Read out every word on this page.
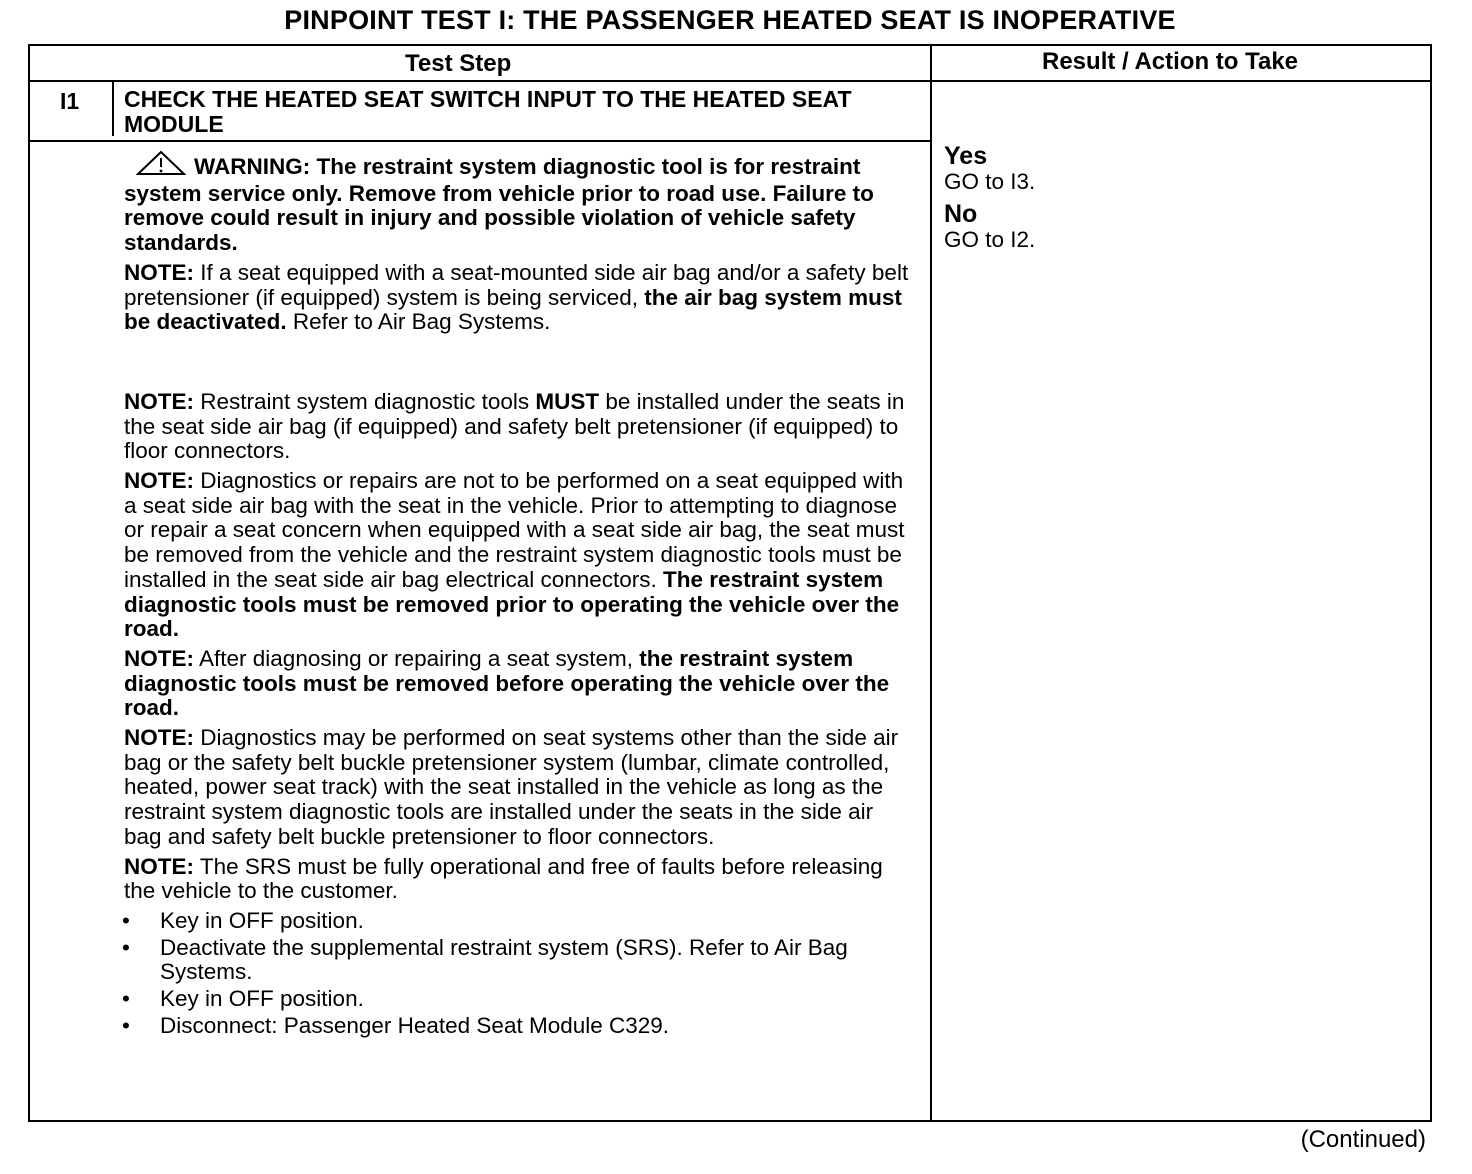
PINPOINT TEST I: THE PASSENGER HEATED SEAT IS INOPERATIVE
Test Step	Result / Action to Take
I1 CHECK THE HEATED SEAT SWITCH INPUT TO THE HEATED SEAT MODULE

WARNING: The restraint system diagnostic tool is for restraint system service only. Remove from vehicle prior to road use. Failure to remove could result in injury and possible violation of vehicle safety standards.

NOTE: If a seat equipped with a seat-mounted side air bag and/or a safety belt pretensioner (if equipped) system is being serviced, the air bag system must be deactivated. Refer to Air Bag Systems.

NOTE: Restraint system diagnostic tools MUST be installed under the seats in the seat side air bag (if equipped) and safety belt pretensioner (if equipped) to floor connectors.

NOTE: Diagnostics or repairs are not to be performed on a seat equipped with a seat side air bag with the seat in the vehicle. Prior to attempting to diagnose or repair a seat concern when equipped with a seat side air bag, the seat must be removed from the vehicle and the restraint system diagnostic tools must be installed in the seat side air bag electrical connectors. The restraint system diagnostic tools must be removed prior to operating the vehicle over the road.

NOTE: After diagnosing or repairing a seat system, the restraint system diagnostic tools must be removed before operating the vehicle over the road.

NOTE: Diagnostics may be performed on seat systems other than the side air bag or the safety belt buckle pretensioner system (lumbar, climate controlled, heated, power seat track) with the seat installed in the vehicle as long as the restraint system diagnostic tools are installed under the seats in the side air bag and safety belt buckle pretensioner to floor connectors.

NOTE: The SRS must be fully operational and free of faults before releasing the vehicle to the customer.

• Key in OFF position.
• Deactivate the supplemental restraint system (SRS). Refer to Air Bag Systems.
• Key in OFF position.
• Disconnect: Passenger Heated Seat Module C329.
Yes
GO to I3.
No
GO to I2.
(Continued)
